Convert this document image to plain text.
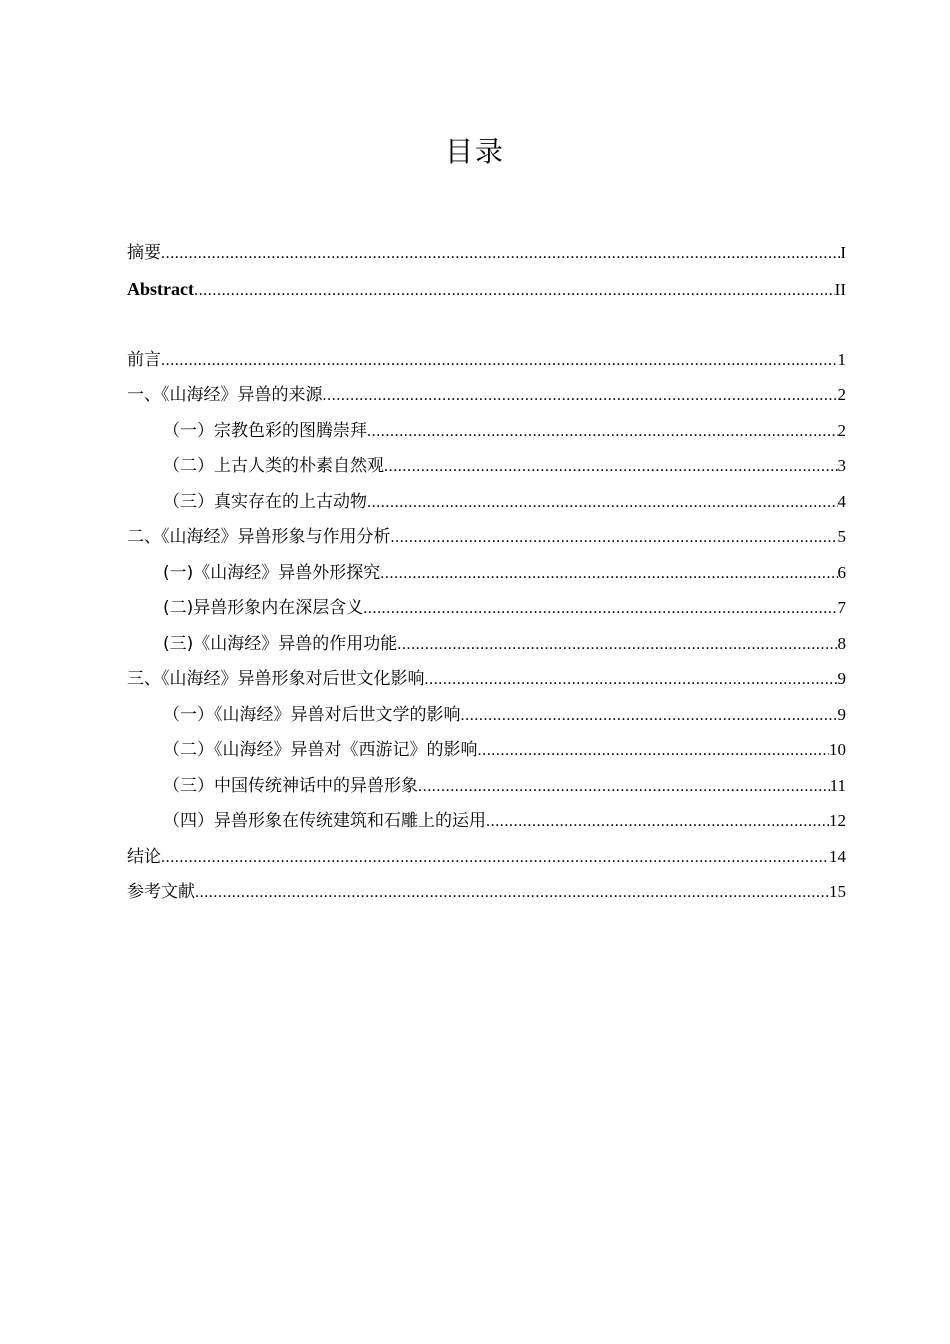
目录
摘要 .....	I
Abstract .....	II
前言 .....	1
一、《山海经》异兽的来源 .....	2
（一）宗教色彩的图腾崇拜 .....	2
（二）上古人类的朴素自然观 .....	3
（三）真实存在的上古动物 .....	4
二、《山海经》异兽形象与作用分析 .....	5
(一)《山海经》异兽外形探究 .....	6
(二)异兽形象内在深层含义 .....	7
(三)《山海经》异兽的作用功能 .....	8
三、《山海经》异兽形象对后世文化影响 .....	9
（一）《山海经》异兽对后世文学的影响 .....	9
（二）《山海经》异兽对《西游记》的影响 .....	10
（三）中国传统神话中的异兽形象 .....	11
（四）异兽形象在传统建筑和石雕上的运用 .....	12
结论 .....	14
参考文献 .....	15
